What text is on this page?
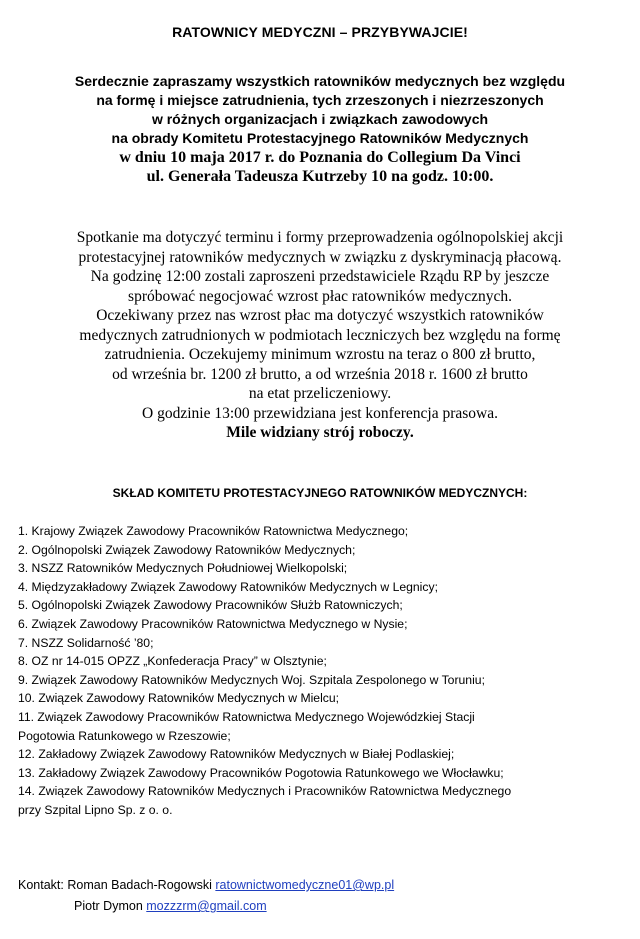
RATOWNICY MEDYCZNI – PRZYBYWAJCIE!
Serdecznie zapraszamy wszystkich ratowników medycznych bez względu
na formę i miejsce zatrudnienia, tych zrzeszonych i niezrzeszonych
w różnych organizacjach i związkach zawodowych
na obrady Komitetu Protestacyjnego Ratowników Medycznych
w dniu 10 maja 2017 r. do Poznania do Collegium Da Vinci
ul. Generała Tadeusza Kutrzeby 10 na godz. 10:00.
Spotkanie ma dotyczyć terminu i formy przeprowadzenia ogólnopolskiej akcji
protestacyjnej ratowników medycznych w związku z dyskryminacją płacową.
Na godzinę 12:00 zostali zaproszeni przedstawiciele Rządu RP by jeszcze
spróbować negocjować wzrost płac ratowników medycznych.
Oczekiwany przez nas wzrost płac ma dotyczyć wszystkich ratowników
medycznych zatrudnionych w podmiotach leczniczych bez względu na formę
zatrudnienia. Oczekujemy minimum wzrostu na teraz o 800 zł brutto,
od września br. 1200 zł brutto, a od września 2018 r. 1600 zł brutto
na etat przeliczeniowy.
O godzinie 13:00 przewidziana jest konferencja prasowa.
Mile widziany strój roboczy.
SKŁAD KOMITETU PROTESTACYJNEGO RATOWNIKÓW MEDYCZNYCH:
1. Krajowy Związek Zawodowy Pracowników Ratownictwa Medycznego;
2. Ogólnopolski Związek Zawodowy Ratowników Medycznych;
3. NSZZ Ratowników Medycznych Południowej Wielkopolski;
4. Międzyzakładowy Związek Zawodowy Ratowników Medycznych w Legnicy;
5. Ogólnopolski Związek Zawodowy Pracowników Służb Ratowniczych;
6. Związek Zawodowy Pracowników Ratownictwa Medycznego w Nysie;
7. NSZZ Solidarność ’80;
8. OZ nr 14-015 OPZZ „Konfederacja Pracy” w Olsztynie;
9. Związek Zawodowy Ratowników Medycznych Woj. Szpitala Zespolonego w Toruniu;
10. Związek Zawodowy Ratowników Medycznych w Mielcu;
11. Związek Zawodowy Pracowników Ratownictwa Medycznego Wojewódzkiej Stacji
Pogotowia Ratunkowego w Rzeszowie;
12. Zakładowy Związek Zawodowy Ratowników Medycznych w Białej Podlaskiej;
13. Zakładowy Związek Zawodowy Pracowników Pogotowia Ratunkowego we Włocławku;
14. Związek Zawodowy Ratowników Medycznych i Pracowników Ratownictwa Medycznego
przy Szpital Lipno Sp. z o. o.
Kontakt: Roman Badach-Rogowski ratownictwomedyczne01@wp.pl
Piotr Dymon mozzzrm@gmail.com
